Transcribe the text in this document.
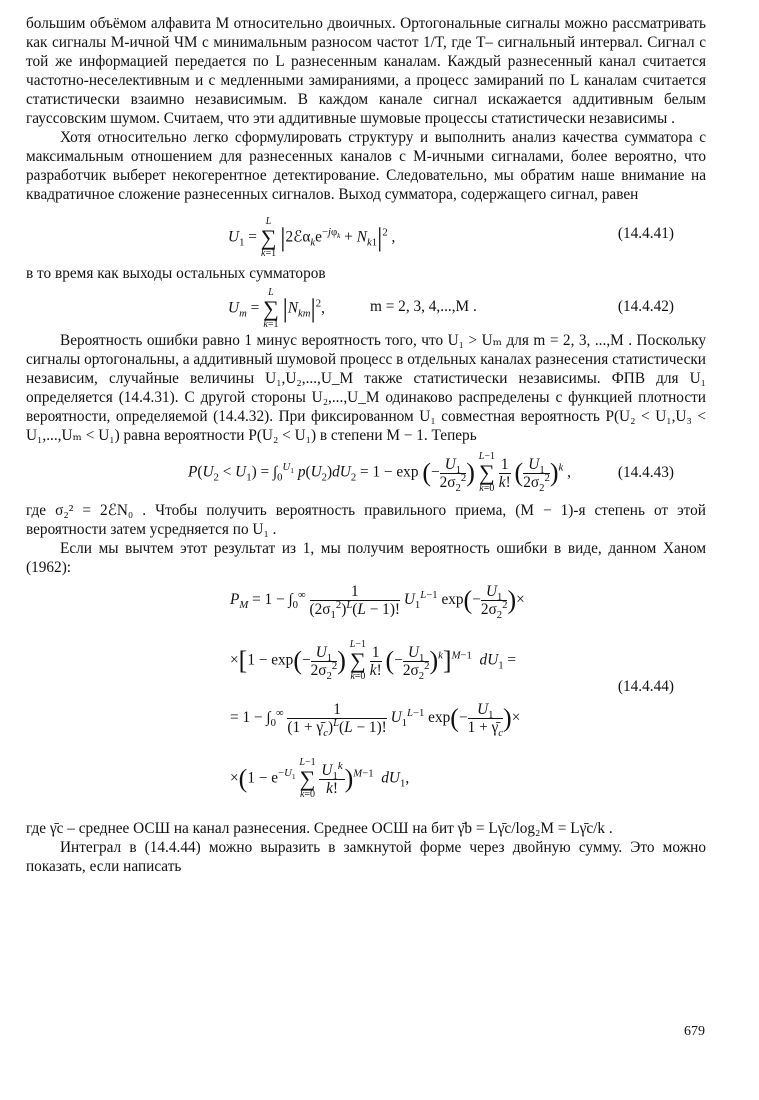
большим объёмом алфавита M относительно двоичных. Ортогональные сигналы можно рассматривать как сигналы M-ичной ЧМ с минимальным разносом частот 1/T, где T– сигнальный интервал. Сигнал с той же информацией передается по L разнесенным каналам. Каждый разнесенный канал считается частотно-неселективным и с медленными замираниями, а процесс замираний по L каналам считается статистически взаимно независимым. В каждом канале сигнал искажается аддитивным белым гауссовским шумом. Считаем, что эти аддитивные шумовые процессы статистически независимы .

Хотя относительно легко сформулировать структуру и выполнить анализ качества сумматора с максимальным отношением для разнесенных каналов с M-ичными сигналами, более вероятно, что разработчик выберет некогерентное детектирование. Следовательно, мы обратим наше внимание на квадратичное сложение разнесенных сигналов. Выход сумматора, содержащего сигнал, равен

$U_1$ =
L
∑
k=1
$|2ℰ\alpha_ke^{-j\varphi_k} + N_{k1}|^2$ ,	(14.4.41)

в то время как выходы остальных сумматоров

$U_m$ =
L
∑
k=1
$|N_{km}|^2$,	m = 2, 3, 4,...,M .	(14.4.42)

Вероятность ошибки равно 1 минус вероятность того, что U₁ > Uₘ для m = 2, 3, ...,M . Поскольку сигналы ортогональны, а аддитивный шумовой процесс в отдельных каналах разнесения статистически независим, случайные величины U₁,U₂,...,U_M также статистически независимы. ФПВ для U₁ определяется (14.4.31). С другой стороны U₂,...,U_M одинаково распределены с функцией плотности вероятности, определяемой (14.4.32). При фиксированном U₁ совместная вероятность P(U₂ < U₁,U₃ < U₁,...,Uₘ < U₁) равна вероятности P(U₂ < U₁) в степени M − 1. Теперь

$P(U_2 < U_1) = \int_0^{U_1}$ $p(U_2)dU_2 = 1 - \exp$ (− $\frac{U_1}{2\sigma_2^2}$ )
L−1
∑
k=0
$\frac{1}{k!}$ ( $\frac{U_1}{2\sigma_2^2} )^k$ ,	(14.4.43)

где σ₂² = 2ℰN₀ . Чтобы получить вероятность правильного приема, (M − 1)-я степень от этой вероятности затем усредняется по U₁ .

Если мы вычтем этот результат из 1, мы получим вероятность ошибки в виде, данном Ханом (1962):

$P_M = 1 - \int_0^\infty \frac{1}{(2\sigma_1^2)^L(L - 1)!} U_1^{L-1}$ $\exp(- \frac{U_1}{2\sigma_2^2}$ )×
$\times[1 - \exp(- \frac{U_1}{2\sigma_2^2}$ )
L−1
∑
k=0
$\frac{1}{k!}$ (− $\frac{U_1}{2\sigma_2^2} )^k]^{M-1}$ $dU_1$ =
= $1 - \int_0^\infty \frac{1}{(1 + \gammā_c)^L(L - 1)!} U_1^{L-1}$ $\exp(- \frac{U_1}{1 + \gammā_c}$ )×
$\times(1 - e^{-U_1}$
L−1
∑
k=0
$\frac{U_1^k}{k!} )^{M-1}$ $dU_1$,
(14.4.44)

где γ̄c – среднее ОСШ на канал разнесения. Среднее ОСШ на бит γ̄b = Lγ̄c/log₂M = Lγ̄c/k .

Интеграл в (14.4.44) можно выразить в замкнутой форме через двойную сумму. Это можно показать, если написать

679
